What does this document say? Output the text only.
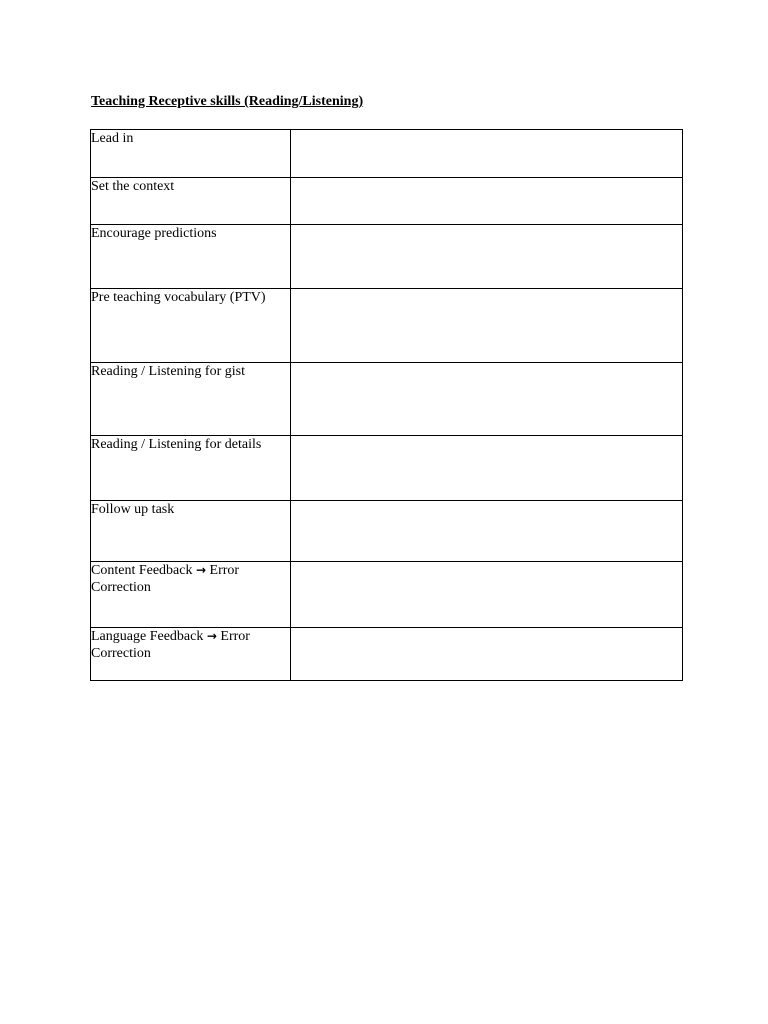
Teaching Receptive skills (Reading/Listening)
Lead in	

Set the context	

Encourage predictions	

Pre teaching vocabulary (PTV)	

Reading / Listening for gist	

Reading / Listening for details	

Follow up task	

Content Feedback → Error Correction	

Language Feedback → Error Correction	
